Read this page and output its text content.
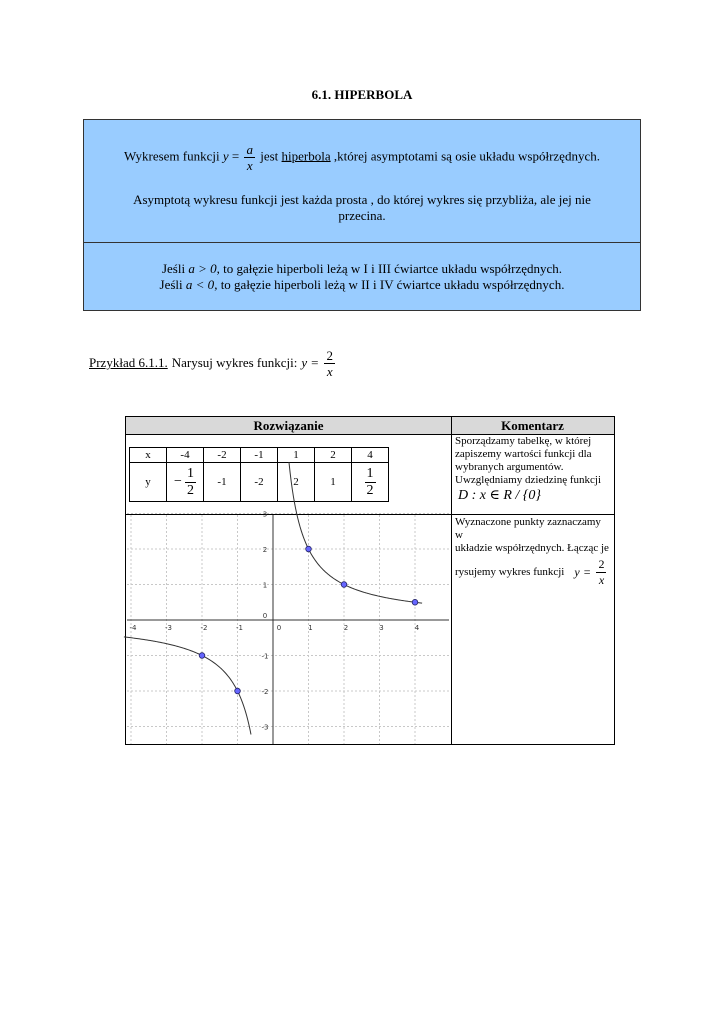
6.1. HIPERBOLA
Wykresem funkcji $y = \frac{a}{x}$ jest hiperbola ,której asymptotami są osie układu współrzędnych.
Asymptotą wykresu funkcji jest każda prosta , do której wykres się przybliża, ale jej nie
przecina.
Jeśli a > 0, to gałęzie hiperboli leżą w I i III ćwiartce układu współrzędnych.
Jeśli a < 0, to gałęzie hiperboli leżą w II i IV ćwiartce układu współrzędnych.
Przykład 6.1.1. Narysuj wykres funkcji: $y = \frac{2}{x}$
Rozwiązanie	Komentarz
x	-4	-2	-1	1	2	4
y	− $\frac{1}{2}$	-1	-2	2	1	1
2
Sporządzamy tabelkę, w której
zapiszemy wartości funkcji dla
wybranych argumentów.
Uwzględniamy dziedzinę funkcji
D : x ∈ R / {0}
Wyznaczone punkty zaznaczamy w
układzie współrzędnych. Łącząc je
rysujemy wykres funkcji $y = \frac{2}{x}$
-4	-3	-2	-1	0	1	2	3	4
-3
-2
-1
0
1
2
3
